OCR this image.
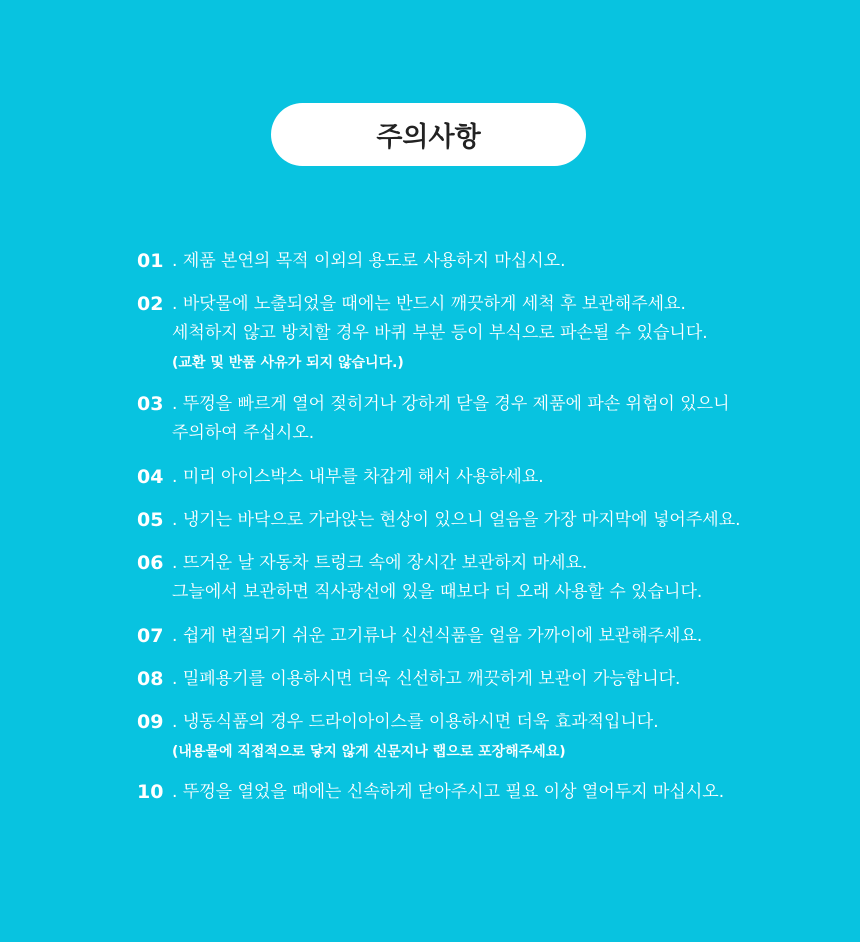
주의사항
01 . 제품 본연의 목적 이외의 용도로 사용하지 마십시오.
02 . 바닷물에 노출되었을 때에는 반드시 깨끗하게 세척 후 보관해주세요.
세척하지 않고 방치할 경우 바퀴 부분 등이 부식으로 파손될 수 있습니다.
(교환 및 반품 사유가 되지 않습니다.)
03 . 뚜껑을 빠르게 열어 젖히거나 강하게 닫을 경우 제품에 파손 위험이 있으니
주의하여 주십시오.
04 . 미리 아이스박스 내부를 차갑게 해서 사용하세요.
05 . 냉기는 바닥으로 가라앉는 현상이 있으니 얼음을 가장 마지막에 넣어주세요.
06 . 뜨거운 날 자동차 트렁크 속에 장시간 보관하지 마세요.
그늘에서 보관하면 직사광선에 있을 때보다 더 오래 사용할 수 있습니다.
07 . 쉽게 변질되기 쉬운 고기류나 신선식품을 얼음 가까이에 보관해주세요.
08 . 밀폐용기를 이용하시면 더욱 신선하고 깨끗하게 보관이 가능합니다.
09 . 냉동식품의 경우 드라이아이스를 이용하시면 더욱 효과적입니다.
(내용물에 직접적으로 닿지 않게 신문지나 랩으로 포장해주세요)
10 . 뚜껑을 열었을 때에는 신속하게 닫아주시고 필요 이상 열어두지 마십시오.
